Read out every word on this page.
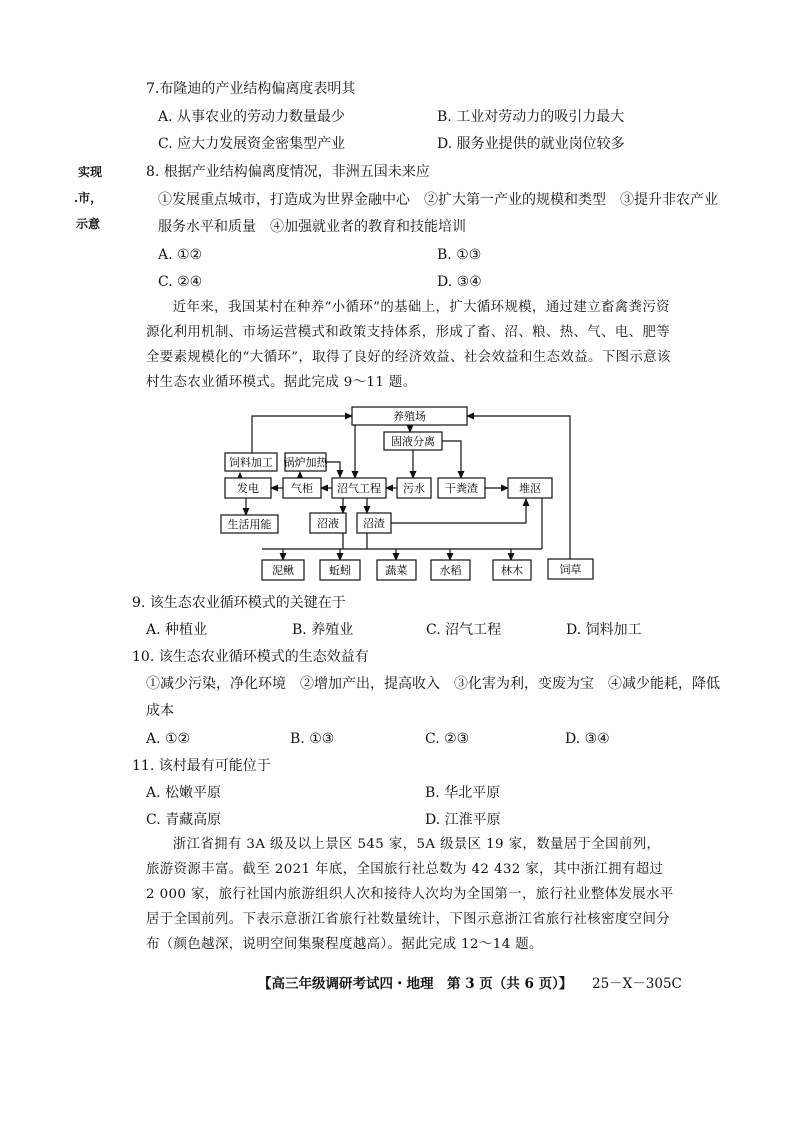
实现
.市，
示意
7.布隆迪的产业结构偏离度表明其
A. 从事农业的劳动力数量最少	B. 工业对劳动力的吸引力最大
C. 应大力发展资金密集型产业	D. 服务业提供的就业岗位较多
8. 根据产业结构偏离度情况，非洲五国未来应
①发展重点城市，打造成为世界金融中心　②扩大第一产业的规模和类型　③提升非农产业
服务水平和质量　④加强就业者的教育和技能培训
A. ①②	B. ①③
C. ②④	D. ③④
近年来，我国某村在种养“小循环”的基础上，扩大循环规模，通过建立畜禽粪污资源化利用机制、市场运营模式和政策支持体系，形成了畜、沼、粮、热、气、电、肥等全要素规模化的“大循环”，取得了良好的经济效益、社会效益和生态效益。下图示意该村生态农业循环模式。据此完成 9～11 题。
养殖场
固液分离
饲料加工 锅炉加热
发电	气柜 沼气工程 污水 干粪渣	堆沤
生活用能	沼液 沼渣
泥鳅	蚯蚓	蔬菜	水稻	林木	饲草
9. 该生态农业循环模式的关键在于
A. 种植业	B. 养殖业	C. 沼气工程	D. 饲料加工
10. 该生态农业循环模式的生态效益有
①减少污染，净化环境　②增加产出，提高收入　③化害为利，变废为宝　④减少能耗，降低
成本
A. ①②	B. ①③	C. ②③	D. ③④
11. 该村最有可能位于
A. 松嫩平原	B. 华北平原
C. 青藏高原	D. 江淮平原
浙江省拥有 3A 级及以上景区 545 家，5A 级景区 19 家，数量居于全国前列，旅游资源丰富。截至 2021 年底，全国旅行社总数为 42 432 家，其中浙江拥有超过 2 000 家，旅行社国内旅游组织人次和接待人次均为全国第一，旅行社业整体发展水平居于全国前列。下表示意浙江省旅行社数量统计，下图示意浙江省旅行社核密度空间分布（颜色越深，说明空间集聚程度越高）。据此完成 12～14 题。
【高三年级调研考试四・地理　第 3 页（共 6 页）】 25－X－305C
